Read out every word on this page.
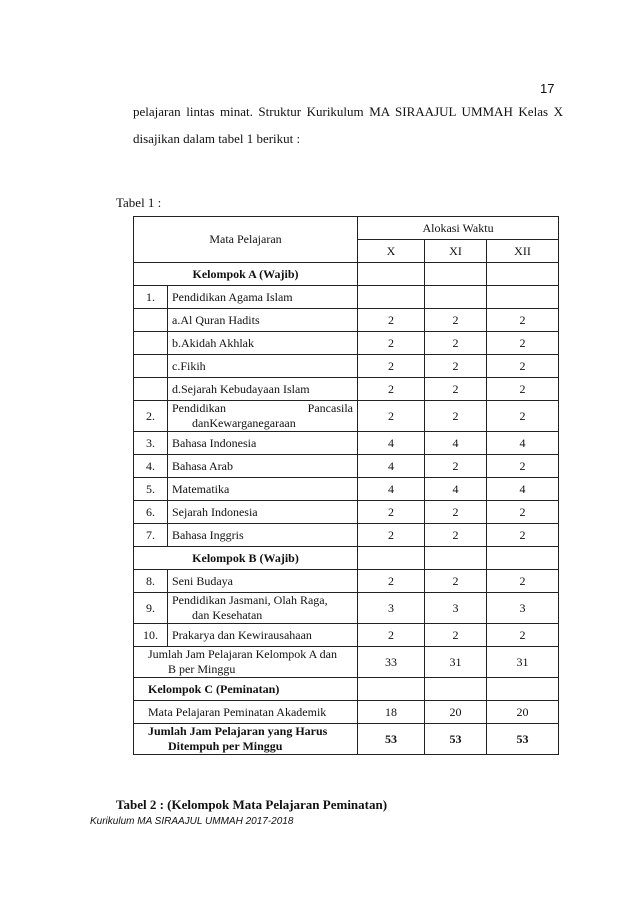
17
pelajaran lintas minat. Struktur Kurikulum MA SIRAAJUL UMMAH Kelas X
disajikan dalam tabel 1 berikut :
Tabel 1 :
Mata Pelajaran		Alokasi Waktu		
		X	XI	XII
Kelompok A (Wajib)				
1.	Pendidikan Agama Islam			
	a.Al Quran Hadits	2	2	2
	b.Akidah Akhlak	2	2	2
	c.Fikih	2	2	2
	d.Sejarah Kebudayaan Islam	2	2	2
2.	Pendidikan Pancasila
danKewarganegaraan	2	2	2
3.	Bahasa Indonesia	4	4	4
4.	Bahasa Arab	4	2	2
5.	Matematika	4	4	4
6.	Sejarah Indonesia	2	2	2
7.	Bahasa Inggris	2	2	2
Kelompok B (Wajib)				
8.	Seni Budaya	2	2	2
9.	Pendidikan Jasmani, Olah Raga,
dan Kesehatan	3	3	3
10.	Prakarya dan Kewirausahaan	2	2	2

Jumlah Jam Pelajaran Kelompok A dan
B per Minggu		33	31	31
Kelompok C (Peminatan)				
Mata Pelajaran Peminatan Akademik		18	20	20

Jumlah Jam Pelajaran yang Harus
Ditempuh per Minggu		53	53	53
Tabel 2 : (Kelompok Mata Pelajaran Peminatan)
Kurikulum MA SIRAAJUL UMMAH 2017-2018
